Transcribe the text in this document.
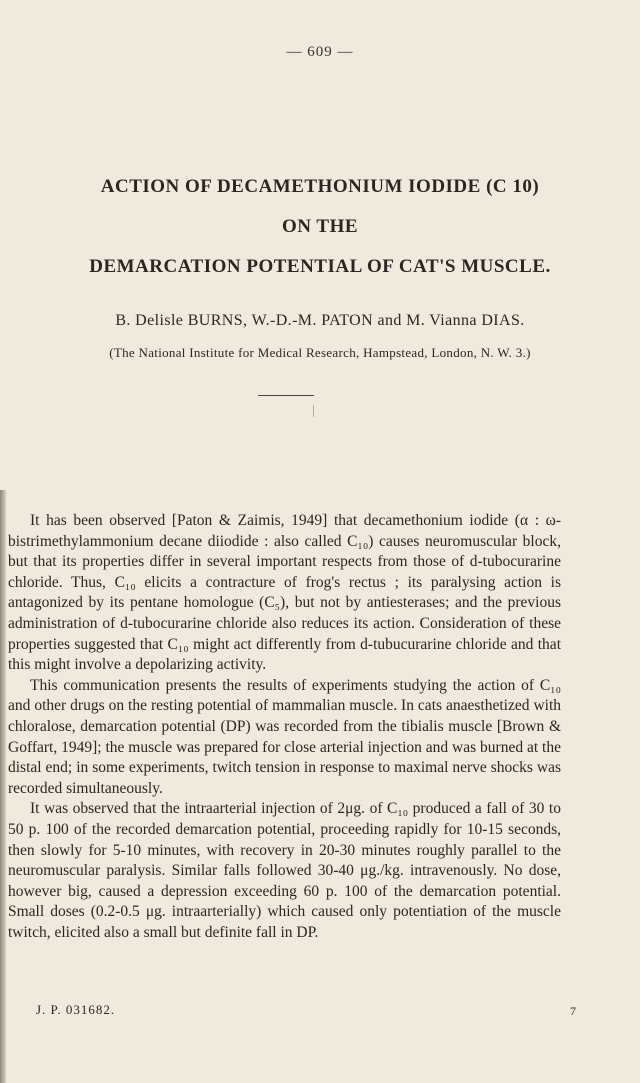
— 609 —
ACTION OF DECAMETHONIUM IODIDE (C 10)
ON THE
DEMARCATION POTENTIAL OF CAT'S MUSCLE.
B. Delisle BURNS, W.-D.-M. PATON and M. Vianna DIAS.
(The National Institute for Medical Research, Hampstead, London, N. W. 3.)

It has been observed [Paton & Zaimis, 1949] that decamethonium iodide (α : ω-bistrimethylammonium decane diiodide : also called C₁₀) causes neuromuscular block, but that its properties differ in several important respects from those of d-tubocurarine chloride. Thus, C₁₀ elicits a contracture of frog's rectus ; its paralysing action is antagonized by its pentane homologue (C₅), but not by antiesterases; and the previous administration of d-tubocurarine chloride also reduces its action. Consideration of these properties suggested that C₁₀ might act differently from d-tubucurarine chloride and that this might involve a depolarizing activity.

This communication presents the results of experiments studying the action of C₁₀ and other drugs on the resting potential of mammalian muscle. In cats anaesthetized with chloralose, demarcation potential (DP) was recorded from the tibialis muscle [Brown & Goffart, 1949]; the muscle was prepared for close arterial injection and was burned at the distal end; in some experiments, twitch tension in response to maximal nerve shocks was recorded simultaneously.

It was observed that the intraarterial injection of 2μg. of C₁₀ produced a fall of 30 to 50 p. 100 of the recorded demarcation potential, proceeding rapidly for 10-15 seconds, then slowly for 5-10 minutes, with recovery in 20-30 minutes roughly parallel to the neuromuscular paralysis. Similar falls followed 30-40 μg./kg. intravenously. No dose, however big, caused a depression exceeding 60 p. 100 of the demarcation potential. Small doses (0.2-0.5 μg. intraarterially) which caused only potentiation of the muscle twitch, elicited also a small but definite fall in DP.

J. P. 031682.	7
